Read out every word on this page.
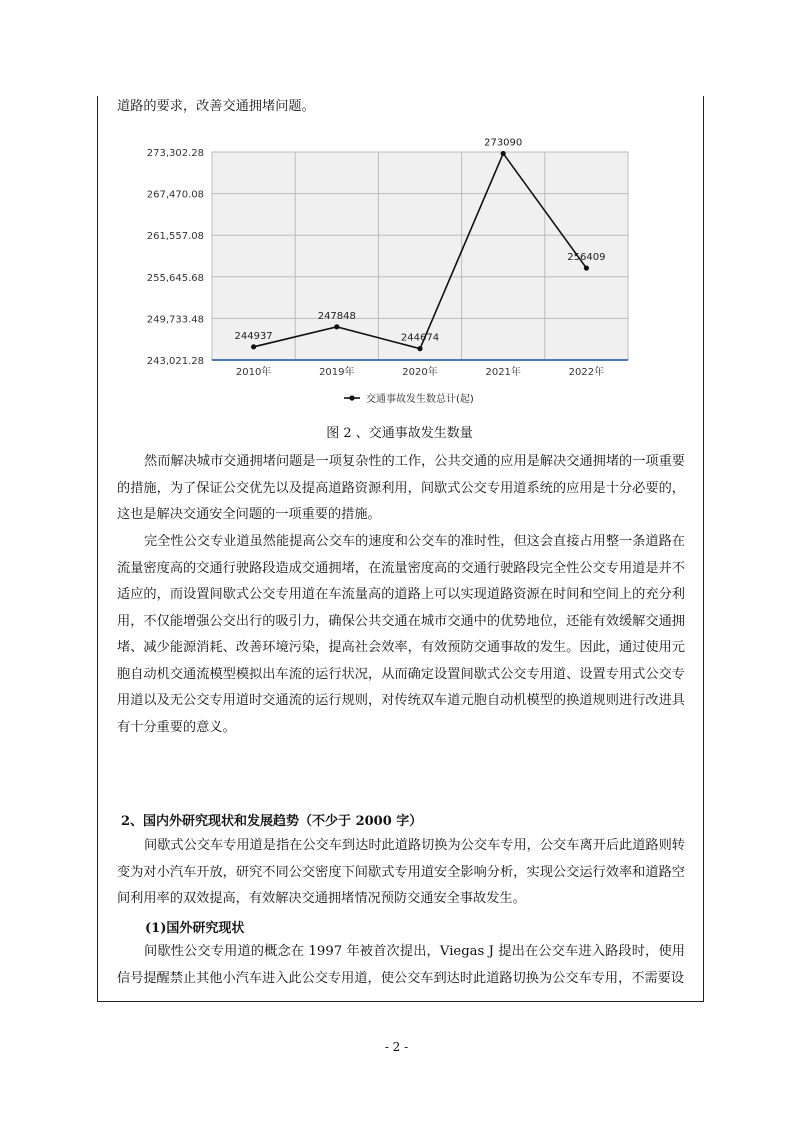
道路的要求，改善交通拥堵问题。

273,302.28
267,470.08
261,557.08
255,645.68
249,733.48
243,021.28
2010年	2019年	2020年	2021年	2022年
244937
247848
244674
273090
256409
交通事故发生数总计(起)

图 2 、交通事故发生数量

然而解决城市交通拥堵问题是一项复杂性的工作，公共交通的应用是解决交通拥堵的一项重要的措施，为了保证公交优先以及提高道路资源利用，间歇式公交专用道系统的应用是十分必要的，这也是解决交通安全问题的一项重要的措施。

完全性公交专业道虽然能提高公交车的速度和公交车的准时性，但这会直接占用整一条道路在流量密度高的交通行驶路段造成交通拥堵，在流量密度高的交通行驶路段完全性公交专用道是并不适应的，而设置间歇式公交专用道在车流量高的道路上可以实现道路资源在时间和空间上的充分利用，不仅能增强公交出行的吸引力，确保公共交通在城市交通中的优势地位，还能有效缓解交通拥堵、减少能源消耗、改善环境污染，提高社会效率，有效预防交通事故的发生。因此，通过使用元胞自动机交通流模型模拟出车流的运行状况，从而确定设置间歇式公交专用道、设置专用式公交专用道以及无公交专用道时交通流的运行规则，对传统双车道元胞自动机模型的换道规则进行改进具有十分重要的意义。

2、国内外研究现状和发展趋势（不少于 2000 字）

间歇式公交车专用道是指在公交车到达时此道路切换为公交车专用，公交车离开后此道路则转变为对小汽车开放，研究不同公交密度下间歇式专用道安全影响分析，实现公交运行效率和道路空间利用率的双效提高，有效解决交通拥堵情况预防交通安全事故发生。

(1)国外研究现状

间歇性公交专用道的概念在 1997 年被首次提出，Viegas J 提出在公交车进入路段时，使用信号提醒禁止其他小汽车进入此公交专用道，使公交车到达时此道路切换为公交车专用，不需要设

- 2 -
